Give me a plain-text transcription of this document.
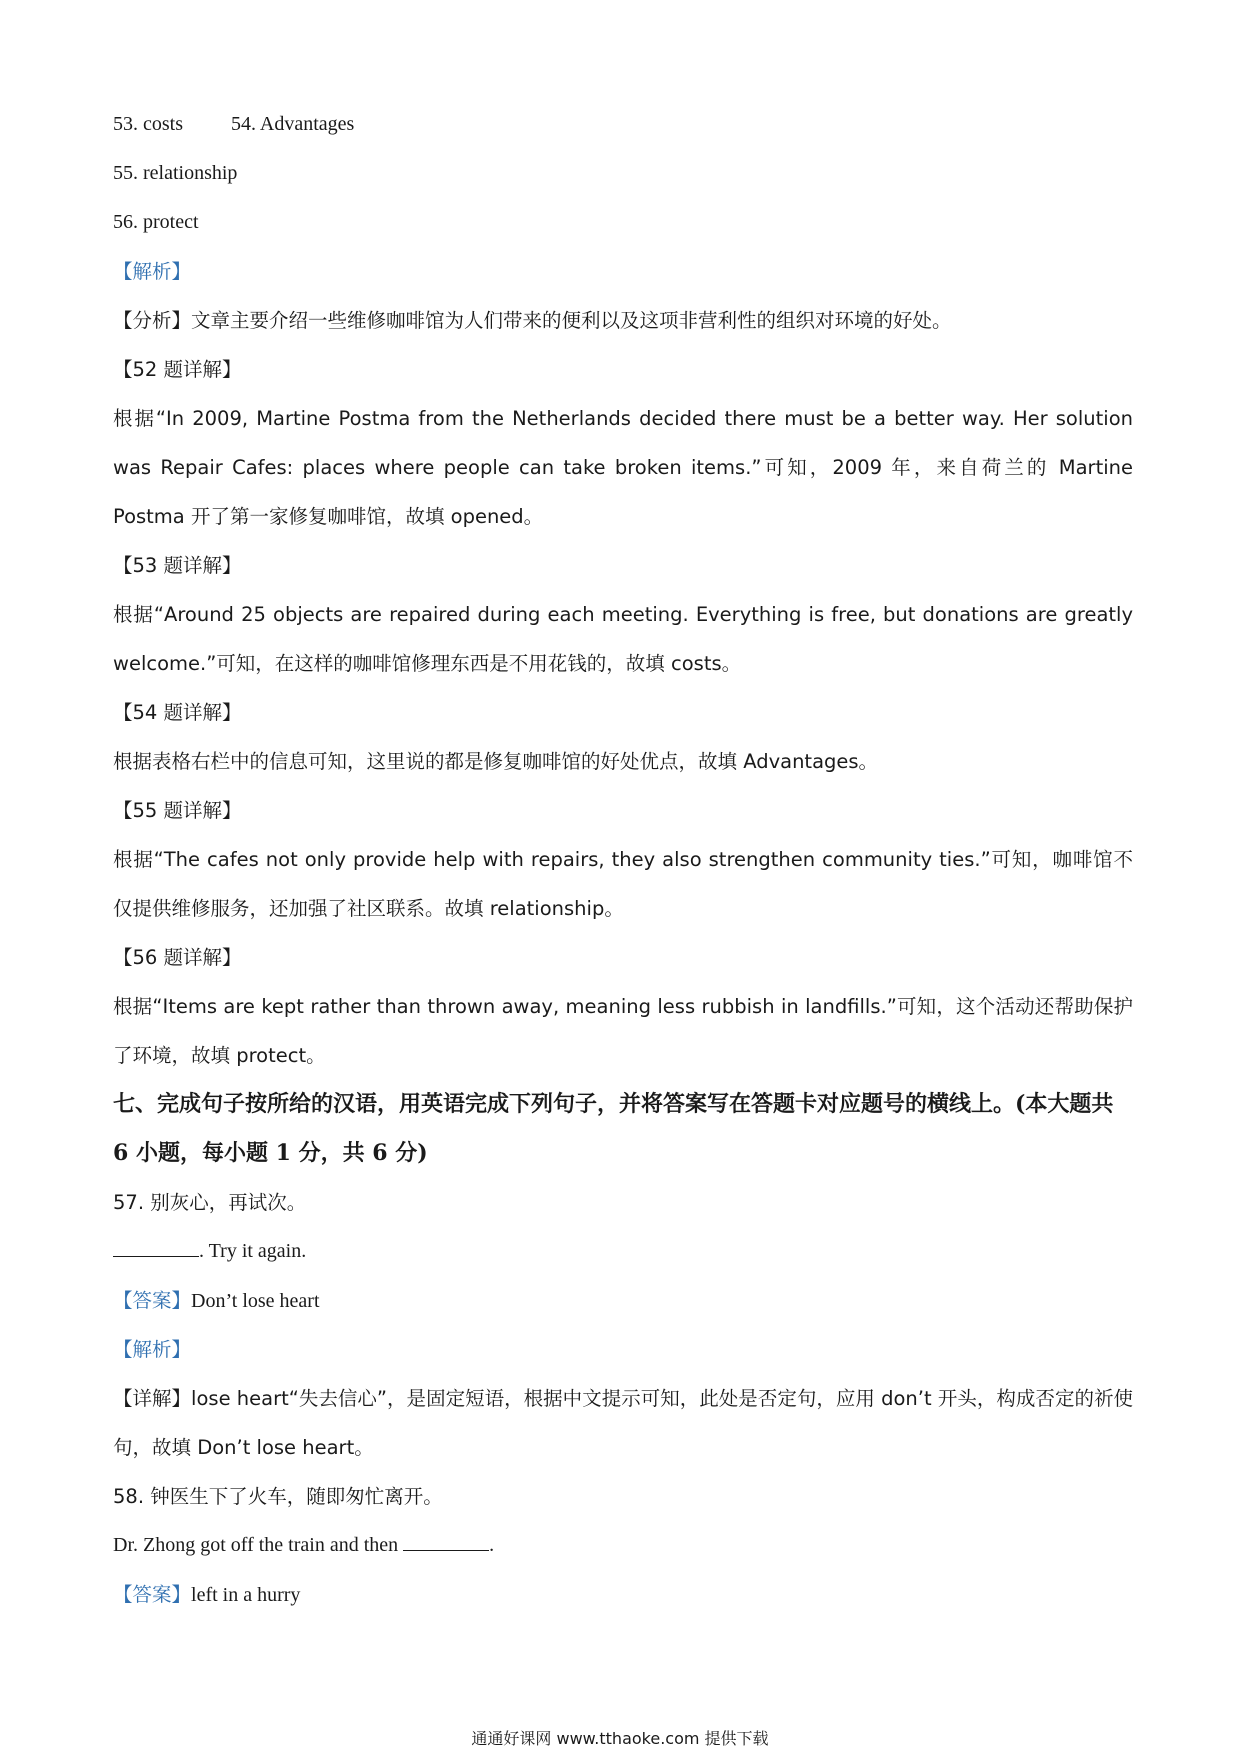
53. costs 54. Advantages

55. relationship

56. protect

【解析】

【分析】文章主要介绍一些维修咖啡馆为人们带来的便利以及这项非营利性的组织对环境的好处。

【52 题详解】

根据“In 2009, Martine Postma from the Netherlands decided there must be a better way. Her solution was Repair Cafes: places where people can take broken items.”可知，2009 年，来自荷兰的 Martine Postma 开了第一家修复咖啡馆，故填 opened。

【53 题详解】

根据“Around 25 objects are repaired during each meeting. Everything is free, but donations are greatly welcome.”可知，在这样的咖啡馆修理东西是不用花钱的，故填 costs。

【54 题详解】

根据表格右栏中的信息可知，这里说的都是修复咖啡馆的好处优点，故填 Advantages。

【55 题详解】

根据“The cafes not only provide help with repairs, they also strengthen community ties.”可知，咖啡馆不仅提供维修服务，还加强了社区联系。故填 relationship。

【56 题详解】

根据“Items are kept rather than thrown away, meaning less rubbish in landfills.”可知，这个活动还帮助保护了环境，故填 protect。

七、完成句子按所给的汉语，用英语完成下列句子，并将答案写在答题卡对应题号的横线上。(本大题共 6 小题，每小题 1 分，共 6 分)

57. 别灰心，再试次。

. Try it again.

【答案】Don’t lose heart

【解析】

【详解】lose heart“失去信心”，是固定短语，根据中文提示可知，此处是否定句，应用 don’t 开头，构成否定的祈使句，故填 Don’t lose heart。

58. 钟医生下了火车，随即匆忙离开。

Dr. Zhong got off the train and then	.

【答案】left in a hurry

通通好课网 www.tthaoke.com 提供下载
